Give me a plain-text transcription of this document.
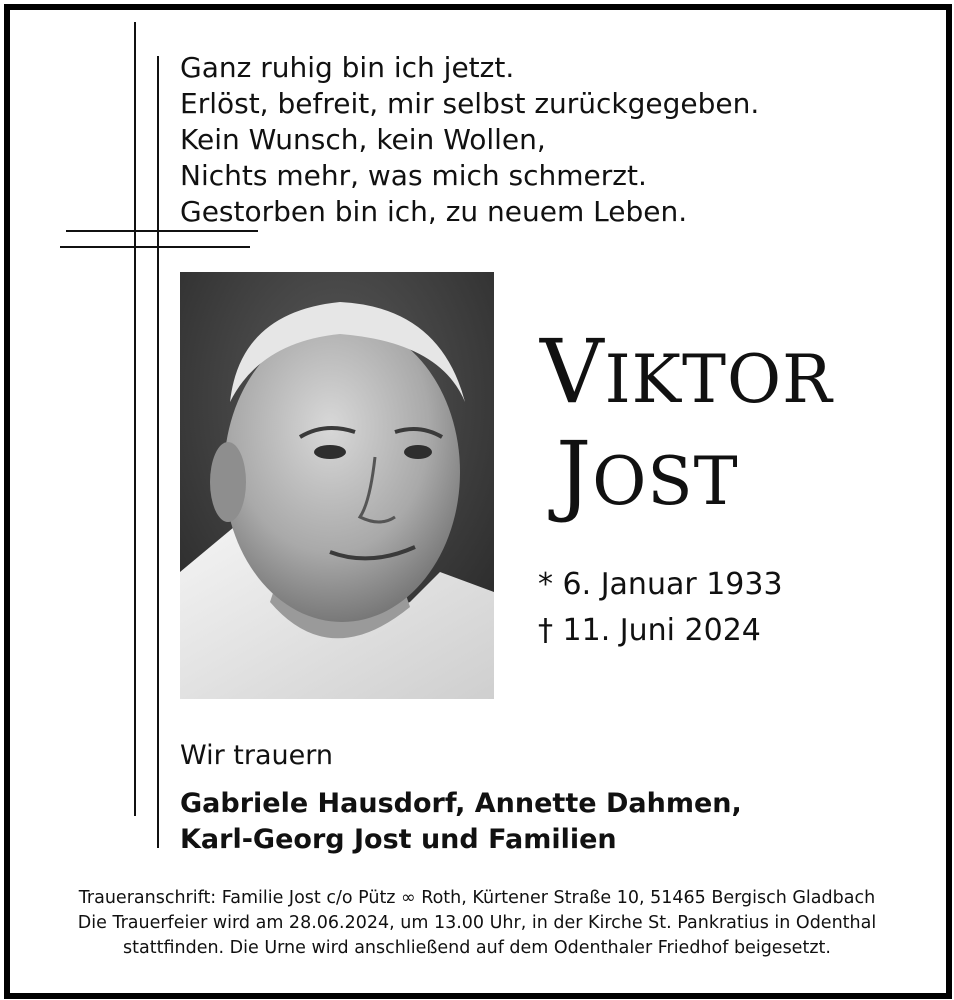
Ganz ruhig bin ich jetzt.
Erlöst, befreit, mir selbst zurückgegeben.
Kein Wunsch, kein Wollen,
Nichts mehr, was mich schmerzt.
Gestorben bin ich, zu neuem Leben.
VIKTOR
JOST
* 6. Januar 1933
† 11. Juni 2024
Wir trauern
Gabriele Hausdorf, Annette Dahmen,
Karl-Georg Jost und Familien
Traueranschrift: Familie Jost c/o Pütz ∞ Roth, Kürtener Straße 10, 51465 Bergisch Gladbach
Die Trauerfeier wird am 28.06.2024, um 13.00 Uhr, in der Kirche St. Pankratius in Odenthal
stattfinden. Die Urne wird anschließend auf dem Odenthaler Friedhof beigesetzt.
